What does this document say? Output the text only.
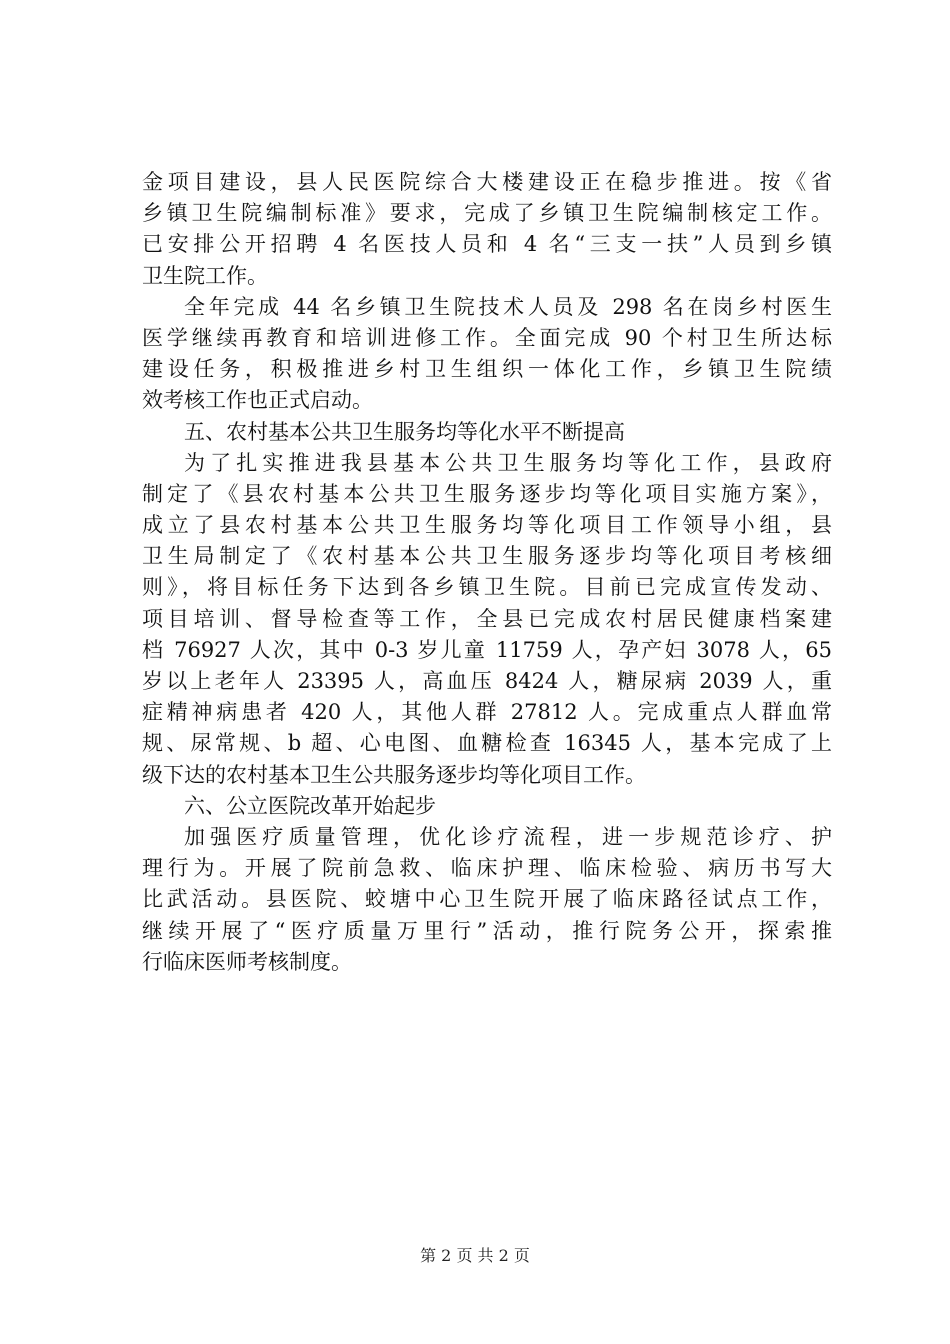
金项目建设，县人民医院综合大楼建设正在稳步推进。按《省
乡镇卫生院编制标准》要求，完成了乡镇卫生院编制核定工作。
已安排公开招聘 4 名医技人员和 4 名“三支一扶”人员到乡镇
卫生院工作。
全年完成 44 名乡镇卫生院技术人员及 298 名在岗乡村医生
医学继续再教育和培训进修工作。全面完成 90 个村卫生所达标
建设任务，积极推进乡村卫生组织一体化工作，乡镇卫生院绩
效考核工作也正式启动。
五、农村基本公共卫生服务均等化水平不断提高
为了扎实推进我县基本公共卫生服务均等化工作，县政府
制定了《县农村基本公共卫生服务逐步均等化项目实施方案》，
成立了县农村基本公共卫生服务均等化项目工作领导小组，县
卫生局制定了《农村基本公共卫生服务逐步均等化项目考核细
则》，将目标任务下达到各乡镇卫生院。目前已完成宣传发动、
项目培训、督导检查等工作，全县已完成农村居民健康档案建
档 76927 人次，其中 0-3 岁儿童 11759 人，孕产妇 3078 人，65
岁以上老年人 23395 人，高血压 8424 人，糖尿病 2039 人，重
症精神病患者 420 人，其他人群 27812 人。完成重点人群血常
规、尿常规、b 超、心电图、血糖检查 16345 人，基本完成了上
级下达的农村基本卫生公共服务逐步均等化项目工作。
六、公立医院改革开始起步
加强医疗质量管理，优化诊疗流程，进一步规范诊疗、护
理行为。开展了院前急救、临床护理、临床检验、病历书写大
比武活动。县医院、蛟塘中心卫生院开展了临床路径试点工作，
继续开展了“医疗质量万里行”活动，推行院务公开，探索推
行临床医师考核制度。
第 2 页 共 2 页
